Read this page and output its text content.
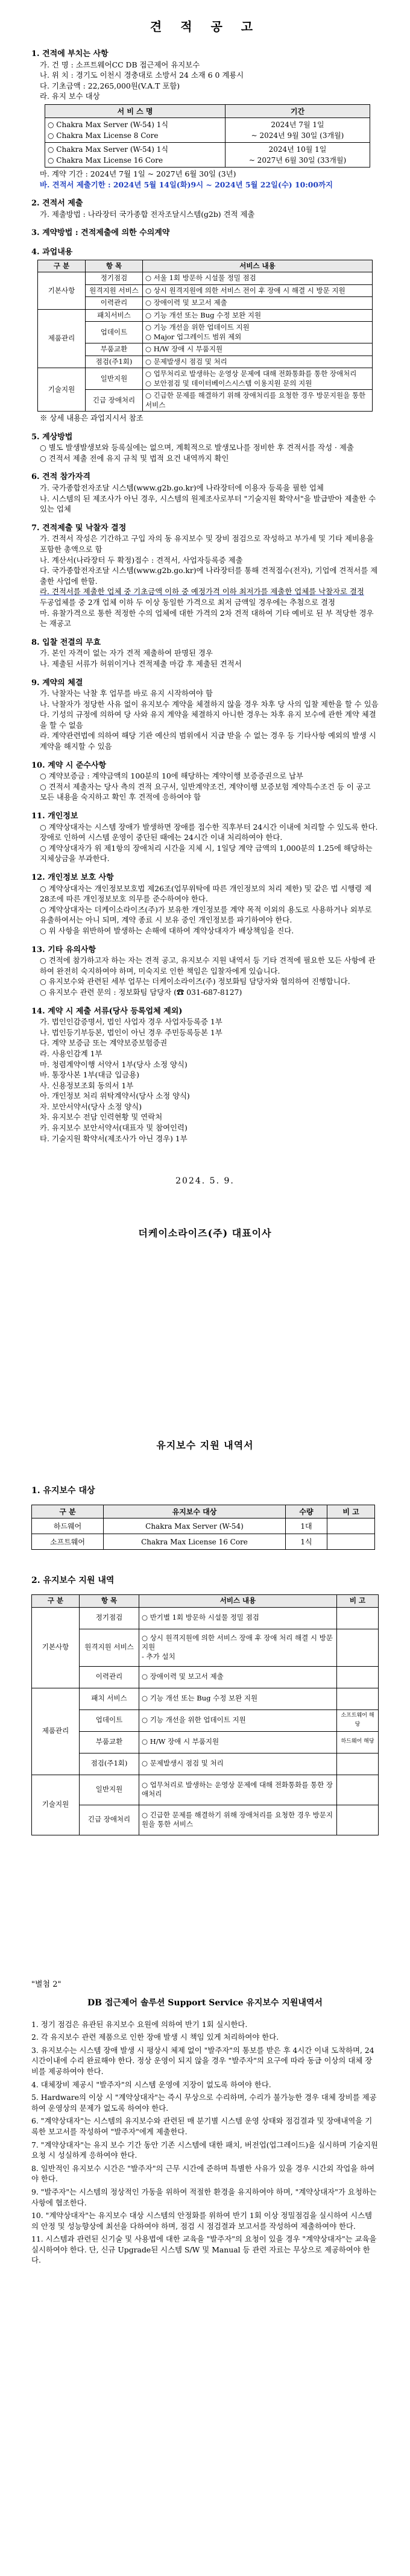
견 적 공 고

1. 견적에 부치는 사항

가. 건 명 : 소프트웨어CC DB 접근제어 유지보수

나. 위 치 : 경기도 이천시 경충대로 소방서 24 소재 6 0 계룡시

다. 기초금액 : 22,265,000원(V.A.T 포함)

라. 유지 보수 대상

서 비 스 명	기간
○ Chakra Max Server (W-54) 1식
○ Chakra Max License 8 Core	2024년 7월 1일
~ 2024년 9월 30일 (3개월)
○ Chakra Max Server (W-54) 1식
○ Chakra Max License 16 Core	2024년 10월 1일
~ 2027년 6월 30일 (33개월)

마. 계약 기간 : 2024년 7월 1일 ~ 2027년 6월 30일 (3년)

바. 견적서 제출기한 : 2024년 5월 14일(화)9시 ~ 2024년 5월 22일(수) 10:00까지

2. 견적서 제출

가. 제출방법 : 나라장터 국가종합 전자조달시스템(g2b) 견적 제출

3. 계약방법 : 견적제출에 의한 수의계약

4. 과업내용

구 분	항 목	서비스 내용
기본사항	정기점검	○ 서울 1회 방문하 시설물 정밀 점검
	원격지원 서비스	○ 상시 원격지원에 의한 서비스 전이 후 장애 시 해결 시 방문 지원
	이력관리	○ 장애이력 및 보고서 제출
제품관리	패치서비스	○ 기능 개선 또는 Bug 수정 보완 지원
	업데이트	○ 기능 개선을 위한 업데이트 지원
○ Major 업그레이드 범위 제외
	부품교환	○ H/W 장애 시 부품지원
	점검(주1회)	○ 문제발생시 점검 및 처리
기술지원	일반지원	○ 업무처리로 발생하는 운영상 문제에 대해 전화통화를 통한 장애처리
○ 보안점검 및 데이터베이스시스템 이용지원 문의 지원
	긴급 장애처리	○ 긴급한 문제를 해결하기 위해 장애처리를 요청한 경우 방문지원을 통한 서비스

※ 상세 내용은 과업지시서 참조

5. 계상방법

○ 별도 발생발생보와 등록실에는 없으며, 계획적으로 발생모나를 정비한 후 견적서를 작성 · 제출

○ 견적서 제출 전에 유지 규칙 및 법적 요건 내역까지 확인

6. 견적 참가자격

가. 국가종합전자조달 시스템(www.g2b.go.kr)에 나라장터에 이용자 등록을 필한 업체

나. 시스템의 된 제조사가 아닌 경우, 시스템의 원제조사로부터 "기술지원 확약서"을 발급받아 제출한 수 있는 업체

7. 견적제출 및 낙찰자 결정

가. 견적서 작성은 기간하고 구입 자의 동 유지보수 및 장비 점검으로 작성하고 부가세 및 기타 제비용을 포함한 총액으로 함

나. 계산서(나라장터 두 확정)접수 : 견적서, 사업자등록증 제출

다. 국가종합전자조달 시스템(www.g2b.go.kr)에 나라장터를 통해 견적접수(전자), 기업에 견적서를 제출한 사업에 한함.

라. 견적서를 제출한 업체 중 기초금액 이하 중 예정가격 이하 최저가를 제출한 업체를 낙찰자로 결정

두공업체를 중 2개 업체 이하 두 이상 동일한 가격으로 최저 금액일 경우에는 추첨으로 결정

마. 유찰가격으로 통한 적정한 수의 업체에 대한 가격의 2차 견적 대하여 기타 예비로 된 부 적당한 경우는 재공고

8. 입찰 전결의 무효

가. 본인 자격이 없는 자가 견적 제출하여 판명된 경우

나. 제출된 서류가 허위이거나 견적제출 마감 후 제출된 견적서

9. 계약의 체결

가. 낙찰자는 낙찰 후 업무를 바로 유지 시작하여야 함

나. 낙찰자가 정당한 사유 없이 유지보수 계약을 체결하지 않을 경우 차후 당 사의 입찰 제한을 할 수 있음

다. 기성의 규정에 의하여 당 사와 유지 계약을 체결하지 아니한 경우는 차후 유지 보수에 관한 계약 체결을 할 수 없음

라. 계약관련법에 의하여 해당 기관 예산의 범위에서 지급 받을 수 없는 경우 등 기타사항 예외의 발생 시 계약을 해지할 수 있음

10. 계약 시 준수사항

○ 계약보증금 : 계약금액의 100분의 10에 해당하는 계약이행 보증증권으로 납부

○ 견적서 제출자는 당사 측의 견적 요구서, 일반계약조건, 계약이행 보증보험 계약특수조건 등 이 공고 모든 내용을 숙지하고 확인 후 견적에 응하여야 함

11. 개인정보

○ 계약상대자는 시스템 장애가 발생하면 장애를 접수한 직후부터 24시간 이내에 처리할 수 있도록 한다. 장애로 인하여 시스템 운영이 중단된 때에는 24시간 이내 처리하여야 한다.

○ 계약상대자가 위 제1항의 장애처리 시간을 지체 시, 1일당 계약 금액의 1,000분의 1.25에 해당하는 지체상금을 부과한다.

12. 개인정보 보호 사항

○ 계약상대자는 개인정보보호법 제26조(업무위탁에 따른 개인정보의 처리 제한) 및 같은 법 시행령 제28조에 따른 개인정보보호 의무를 준수하여야 한다.

○ 계약상대자는 더케이소라이즈(주)가 보유한 개인정보를 계약 목적 이외의 용도로 사용하거나 외부로 유출하여서는 아니 되며, 계약 종료 시 보유 중인 개인정보를 파기하여야 한다.

○ 위 사항을 위반하여 발생하는 손해에 대하여 계약상대자가 배상책임을 진다.

13. 기타 유의사항

○ 견적에 참가하고자 하는 자는 견적 공고, 유지보수 지원 내역서 등 기타 견적에 필요한 모든 사항에 관하여 완전히 숙지하여야 하며, 미숙지로 인한 책임은 입찰자에게 있습니다.

○ 유지보수와 관련된 세부 업무는 더케이소라이즈(주) 정보화팀 담당자와 협의하여 진행합니다.

○ 유지보수 관련 문의 : 정보화팀 담당자 (☎ 031-687-8127)

14. 계약 시 제출 서류(당사 등록업체 제외)

가. 법인인감증명서, 법인 사업자 경우 사업자등록증 1부

나. 법인등기부등본, 법인이 아닌 경우 주민등록등본 1부

다. 계약 보증금 또는 계약보증보험증권

라. 사용인감계 1부

마. 청렴계약이행 서약서 1부(당사 소정 양식)

바. 통장사본 1부(대금 입금용)

사. 신용정보조회 동의서 1부

아. 개인정보 처리 위탁계약서(당사 소정 양식)

자. 보안서약서(당사 소정 양식)

차. 유지보수 전담 인력현황 및 연락처

카. 유지보수 보안서약서(대표자 및 참여인력)

타. 기술지원 확약서(제조사가 아닌 경우) 1부

2024. 5. 9.

더케이소라이즈(주) 대표이사

유지보수 지원 내역서

1. 유지보수 대상

구 분	유지보수 대상	수량	비 고
하드웨어	Chakra Max Server (W-54)	1대	
소프트웨어	Chakra Max License 16 Core	1식	

2. 유지보수 지원 내역

구 분	항 목	서비스 내용	비 고
기본사항	정기점검	○ 반기별 1회 방문하 시설물 정밀 점검	
	원격지원 서비스	○ 상시 원격지원에 의한 서비스 장애 후 장애 처리 해결 시 방문 지원
- 추가 설치	
	이력관리	○ 장애이력 및 보고서 제출	
제품관리	패치 서비스	○ 기능 개선 또는 Bug 수정 보완 지원	
	업데이트	○ 기능 개선을 위한 업데이트 지원	소프트웨어 해당
	부품교환	○ H/W 장애 시 부품지원	하드웨어 해당
	점검(주1회)	○ 문제발생시 점검 및 처리	
기술지원	일반지원	○ 업무처리로 발생하는 운영상 문제에 대해 전화통화를 통한 장애처리	
	긴급 장애처리	○ 긴급한 문제를 해결하기 위해 장애처리를 요청한 경우 방문지원을 통한 서비스	

"별첨 2"

DB 접근제어 솔루션 Support Service 유지보수 지원내역서

1. 정기 점검은 유관된 유지보수 요원에 의하여 반기 1회 실시한다.

2. 각 유지보수 관련 제품으로 인한 장애 발생 시 책임 있게 처리하여야 한다.

3. 유지보수는 시스템 장애 발생 시 평상시 체제 없이 "발주자"의 통보를 받은 후 4시간 이내 도착하며, 24시간이내에 수리 완료해야 한다. 정상 운영이 되지 않을 경우 "발주자"의 요구에 따라 동급 이상의 대체 장비를 제공하여야 한다.

4. 대체장비 제공시 "발주자"의 시스템 운영에 지장이 없도록 하여야 한다.

5. Hardware의 이상 시 "계약상대자"는 즉시 무상으로 수리하며, 수리가 불가능한 경우 대체 장비를 제공하여 운영상의 문제가 없도록 하여야 한다.

6. "계약상대자"는 시스템의 유지보수와 관련된 매 분기별 시스템 운영 상태와 점검결과 및 장애내역을 기록한 보고서를 작성하여 "발주자"에게 제출한다.

7. "계약상대자"는 유지 보수 기간 동안 기존 시스템에 대한 패치, 버전업(업그레이드)을 실시하며 기술지원 요청 시 성실하게 응하여야 한다.

8. 일반적인 유지보수 시간은 "발주자"의 근무 시간에 준하며 특별한 사유가 있을 경우 시간외 작업을 하여야 한다.

9. "발주자"는 시스템의 정상적인 가동을 위하여 적절한 환경을 유지하여야 하며, "계약상대자"가 요청하는 사항에 협조한다.

10. "계약상대자"는 유지보수 대상 시스템의 안정화를 위하여 반기 1회 이상 정밀점검을 실시하여 시스템의 안정 및 성능향상에 최선을 다하여야 하며, 점검 시 점검결과 보고서를 작성하여 제출하여야 한다.

11. 시스템과 관련된 신기술 및 사용법에 대한 교육을 "발주자"의 요청이 있을 경우 "계약상대자"는 교육을 실시하여야 한다. 단, 신규 Upgrade된 시스템 S/W 및 Manual 등 관련 자료는 무상으로 제공하여야 한다.
